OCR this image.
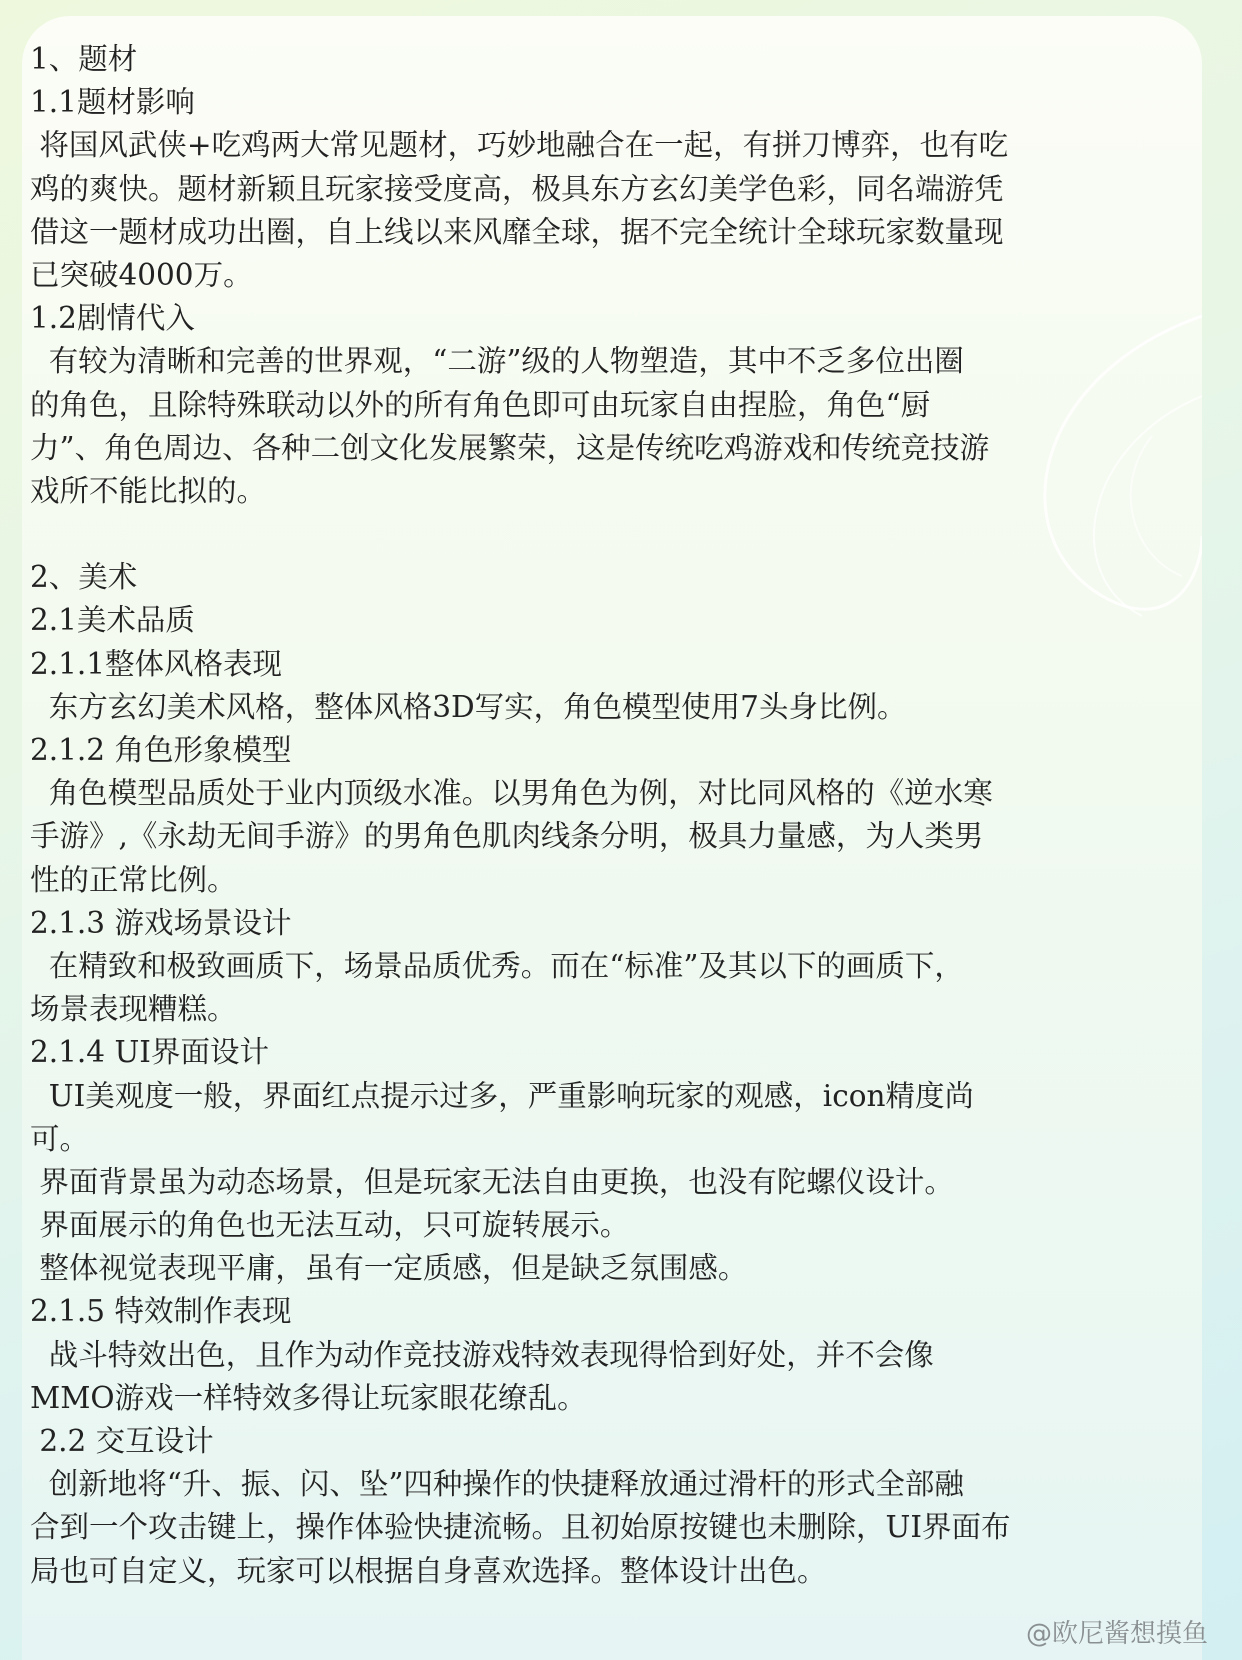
1、题材
1.1题材影响
将国风武侠+吃鸡两大常见题材，巧妙地融合在一起，有拼刀博弈，也有吃
鸡的爽快。题材新颖且玩家接受度高，极具东方玄幻美学色彩，同名端游凭
借这一题材成功出圈，自上线以来风靡全球，据不完全统计全球玩家数量现
已突破4000万。
1.2剧情代入
有较为清晰和完善的世界观，“二游”级的人物塑造，其中不乏多位出圈
的角色，且除特殊联动以外的所有角色即可由玩家自由捏脸，角色“厨
力”、角色周边、各种二创文化发展繁荣，这是传统吃鸡游戏和传统竞技游
戏所不能比拟的。
2、美术
2.1美术品质
2.1.1整体风格表现
东方玄幻美术风格，整体风格3D写实，角色模型使用7头身比例。
2.1.2 角色形象模型
角色模型品质处于业内顶级水准。以男角色为例，对比同风格的《逆水寒
手游》,《永劫无间手游》的男角色肌肉线条分明，极具力量感，为人类男
性的正常比例。
2.1.3 游戏场景设计
在精致和极致画质下，场景品质优秀。而在“标准”及其以下的画质下，
场景表现糟糕。
2.1.4 UI界面设计
UI美观度一般，界面红点提示过多，严重影响玩家的观感，icon精度尚
可。
界面背景虽为动态场景，但是玩家无法自由更换，也没有陀螺仪设计。
界面展示的角色也无法互动，只可旋转展示。
整体视觉表现平庸，虽有一定质感，但是缺乏氛围感。
2.1.5 特效制作表现
战斗特效出色，且作为动作竞技游戏特效表现得恰到好处，并不会像
MMO游戏一样特效多得让玩家眼花缭乱。
2.2 交互设计
创新地将“升、振、闪、坠”四种操作的快捷释放通过滑杆的形式全部融
合到一个攻击键上，操作体验快捷流畅。且初始原按键也未删除，UI界面布
局也可自定义，玩家可以根据自身喜欢选择。整体设计出色。
@欧尼酱想摸鱼
